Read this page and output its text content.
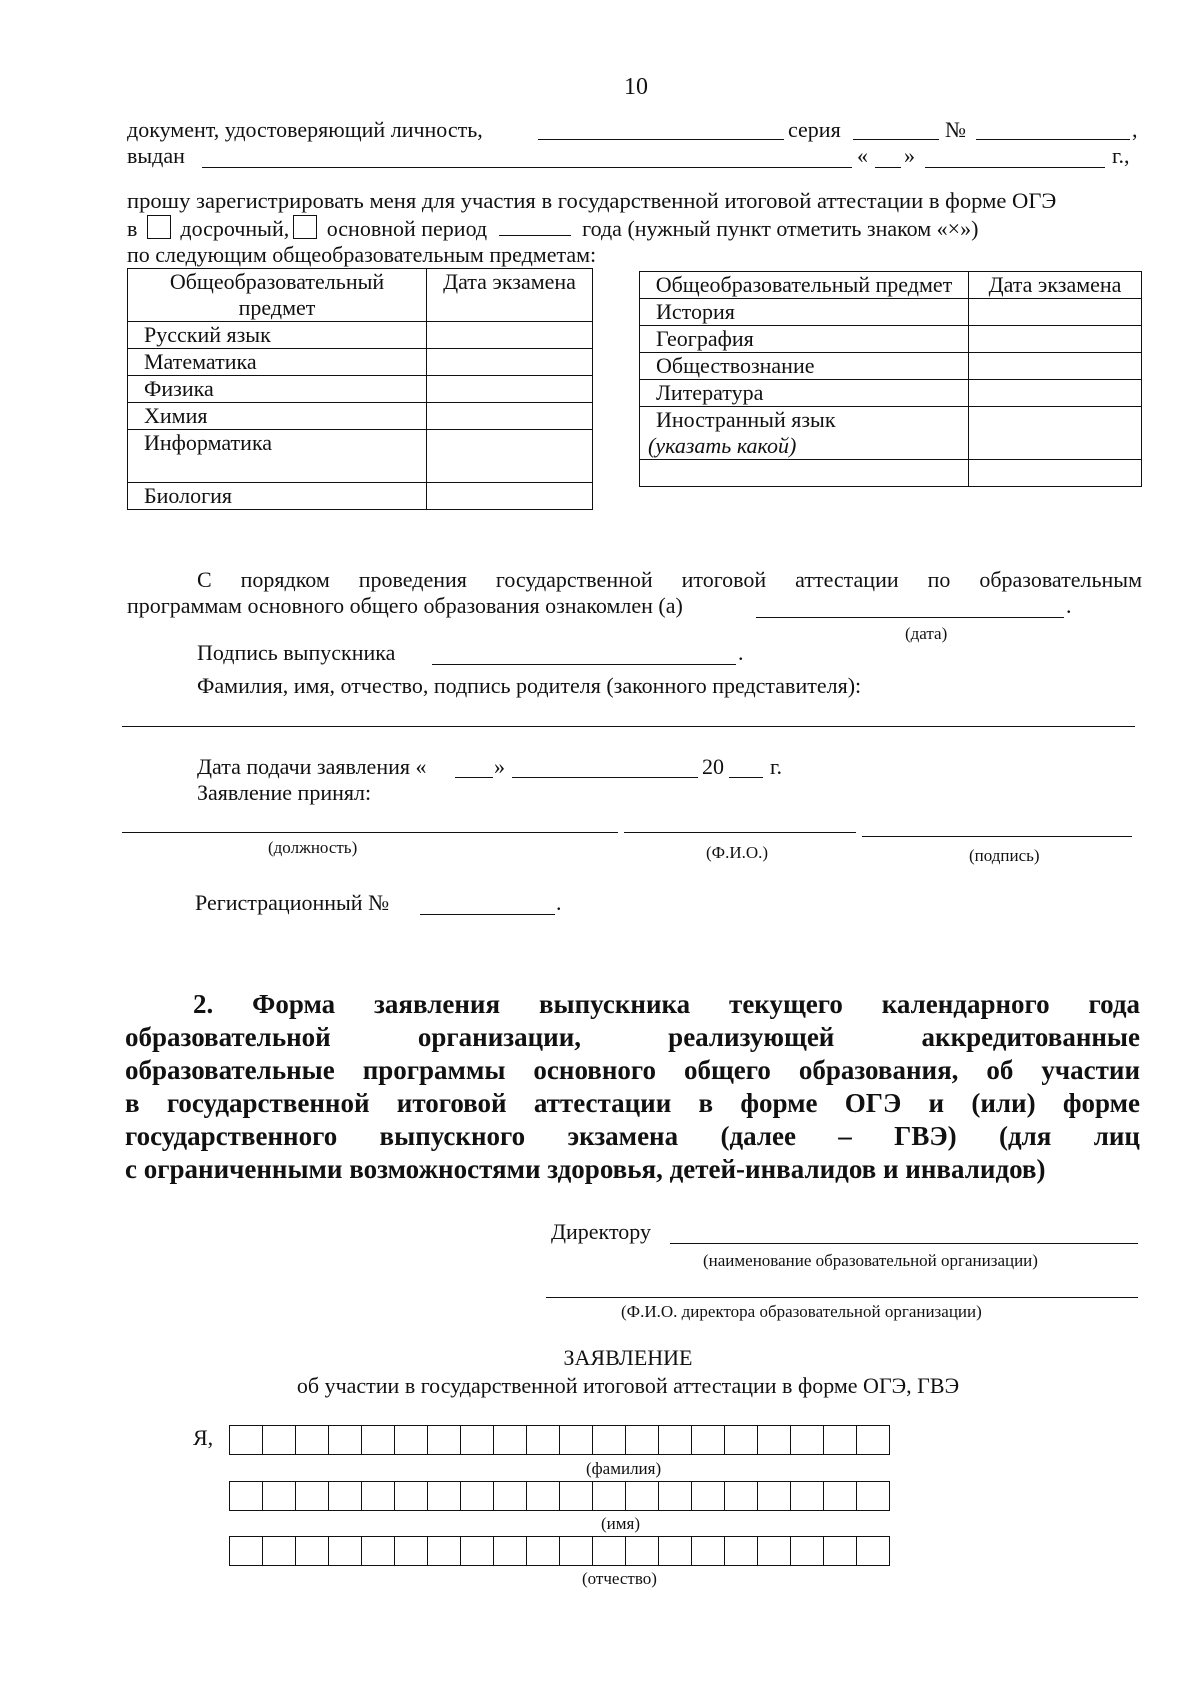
10
документ, удостоверяющий личность,	серия	№	,
выдан	« »	г.,
прошу зарегистрировать меня для участия в государственной итоговой аттестации в форме ОГЭ
в досрочный, основной период	года (нужный пункт отметить знаком «×»)
по следующим общеобразовательным предметам:
Общеобразовательный предмет	Дата экзамена
Русский язык	
Математика	
Физика	
Химия	
Информатика	
Биология	
Общеобразовательный предмет	Дата экзамена
История	
География	
Обществознание	
Литература	

Иностранный язык
(указать какой)	

С порядком проведения государственной итоговой аттестации по образовательным
программам основного общего образования ознакомлен (а)	.
(дата)
Подпись выпускника	.
Фамилия, имя, отчество, подпись родителя (законного представителя):
Дата подачи заявления «	»	20 г.
Заявление принял:
(должность)	(Ф.И.О.)	(подпись)
Регистрационный №	.
2. Форма заявления выпускника текущего календарного года
образовательной организации, реализующей аккредитованные
образовательные программы основного общего образования, об участии
в государственной итоговой аттестации в форме ОГЭ и (или) форме
государственного выпускного экзамена (далее – ГВЭ) (для лиц
с ограниченными возможностями здоровья, детей-инвалидов и инвалидов)
Директору
(наименование образовательной организации)
(Ф.И.О. директора образовательной организации)
ЗАЯВЛЕНИЕ
об участии в государственной итоговой аттестации в форме ОГЭ, ГВЭ
Я,
(фамилия)
(имя)
(отчество)
